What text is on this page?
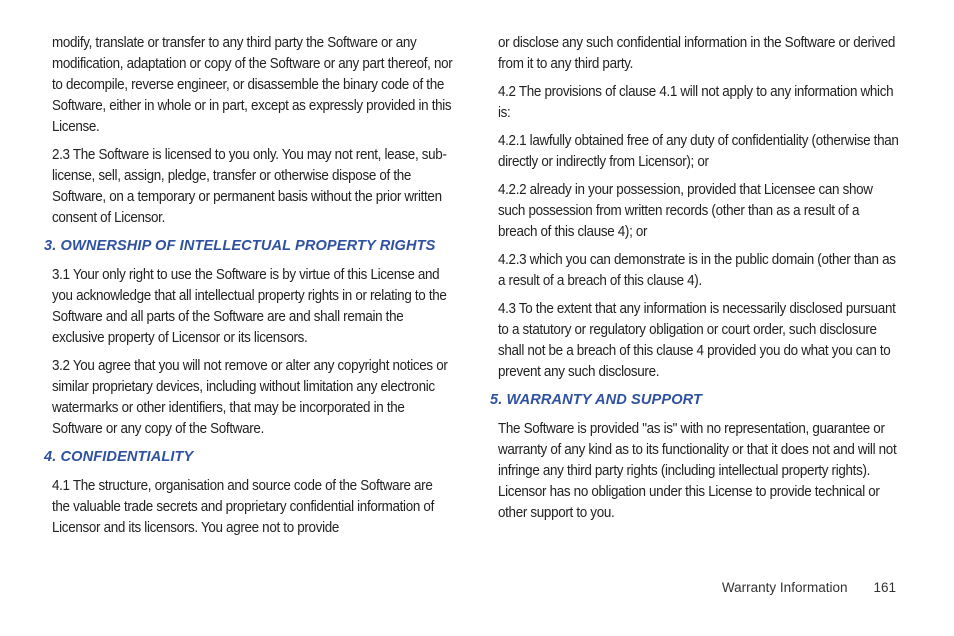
modify, translate or transfer to any third party the Software or any modification, adaptation or copy of the Software or any part thereof, nor to decompile, reverse engineer, or disassemble the binary code of the Software, either in whole or in part, except as expressly provided in this License.

2.3 The Software is licensed to you only. You may not rent, lease, sub-license, sell, assign, pledge, transfer or otherwise dispose of the Software, on a temporary or permanent basis without the prior written consent of Licensor.

3. OWNERSHIP OF INTELLECTUAL PROPERTY RIGHTS

3.1 Your only right to use the Software is by virtue of this License and you acknowledge that all intellectual property rights in or relating to the Software and all parts of the Software are and shall remain the exclusive property of Licensor or its licensors.

3.2 You agree that you will not remove or alter any copyright notices or similar proprietary devices, including without limitation any electronic watermarks or other identifiers, that may be incorporated in the Software or any copy of the Software.

4. CONFIDENTIALITY

4.1 The structure, organisation and source code of the Software are the valuable trade secrets and proprietary confidential information of Licensor and its licensors. You agree not to provide

or disclose any such confidential information in the Software or derived from it to any third party.

4.2 The provisions of clause 4.1 will not apply to any information which is:

4.2.1 lawfully obtained free of any duty of confidentiality (otherwise than directly or indirectly from Licensor); or

4.2.2 already in your possession, provided that Licensee can show such possession from written records (other than as a result of a breach of this clause 4); or

4.2.3 which you can demonstrate is in the public domain (other than as a result of a breach of this clause 4).

4.3 To the extent that any information is necessarily disclosed pursuant to a statutory or regulatory obligation or court order, such disclosure shall not be a breach of this clause 4 provided you do what you can to prevent any such disclosure.

5. WARRANTY AND SUPPORT

The Software is provided "as is" with no representation, guarantee or warranty of any kind as to its functionality or that it does not and will not infringe any third party rights (including intellectual property rights). Licensor has no obligation under this License to provide technical or other support to you.

Warranty Information 161
